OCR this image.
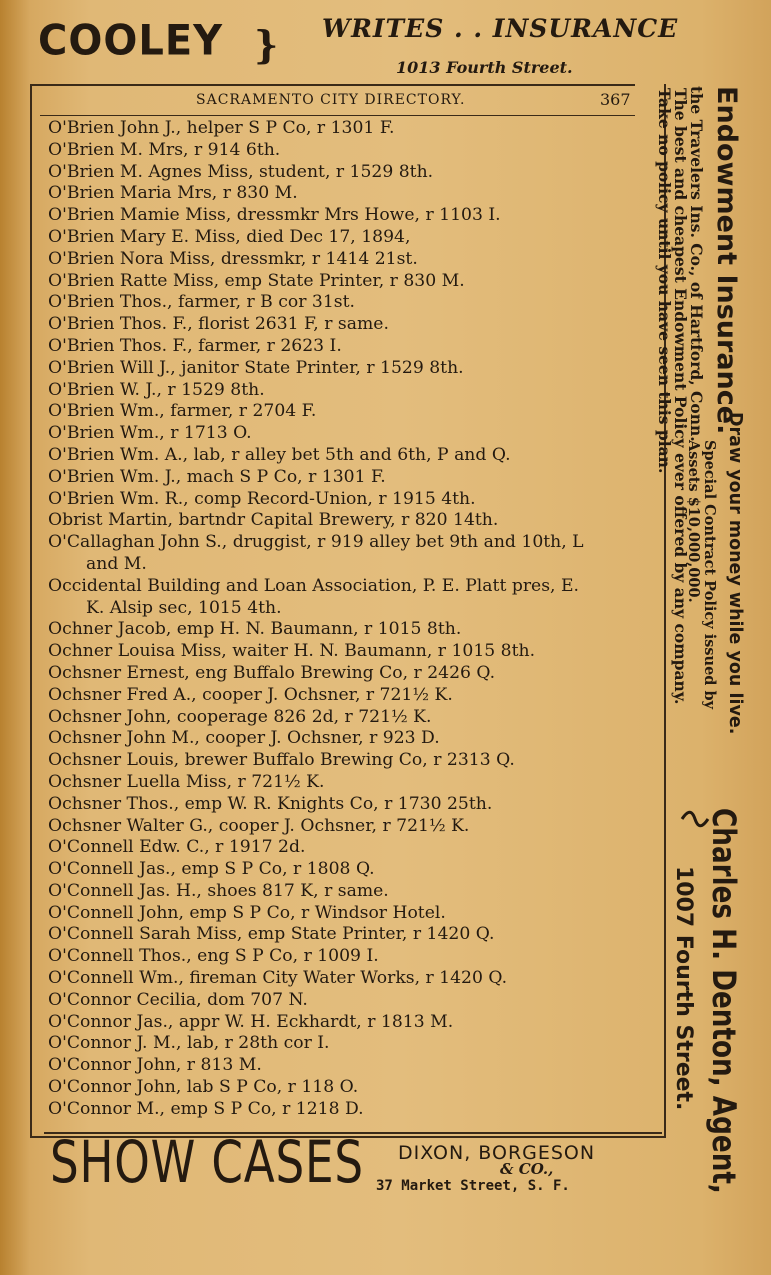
COOLEY } WRITES . . INSURANCE
1013 Fourth Street.
SACRAMENTO CITY DIRECTORY.	367
O'Brien John J., helper S P Co, r 1301 F.
O'Brien M. Mrs, r 914 6th.
O'Brien M. Agnes Miss, student, r 1529 8th.
O'Brien Maria Mrs, r 830 M.
O'Brien Mamie Miss, dressmkr Mrs Howe, r 1103 I.
O'Brien Mary E. Miss, died Dec 17, 1894,
O'Brien Nora Miss, dressmkr, r 1414 21st.
O'Brien Ratte Miss, emp State Printer, r 830 M.
O'Brien Thos., farmer, r B cor 31st.
O'Brien Thos. F., florist 2631 F, r same.
O'Brien Thos. F., farmer, r 2623 I.
O'Brien Will J., janitor State Printer, r 1529 8th.
O'Brien W. J., r 1529 8th.
O'Brien Wm., farmer, r 2704 F.
O'Brien Wm., r 1713 O.
O'Brien Wm. A., lab, r alley bet 5th and 6th, P and Q.
O'Brien Wm. J., mach S P Co, r 1301 F.
O'Brien Wm. R., comp Record-Union, r 1915 4th.
Obrist Martin, bartndr Capital Brewery, r 820 14th.
O'Callaghan John S., druggist, r 919 alley bet 9th and 10th, L
and M.
Occidental Building and Loan Association, P. E. Platt pres, E.
K. Alsip sec, 1015 4th.
Ochner Jacob, emp H. N. Baumann, r 1015 8th.
Ochner Louisa Miss, waiter H. N. Baumann, r 1015 8th.
Ochsner Ernest, eng Buffalo Brewing Co, r 2426 Q.
Ochsner Fred A., cooper J. Ochsner, r 721½ K.
Ochsner John, cooperage 826 2d, r 721½ K.
Ochsner John M., cooper J. Ochsner, r 923 D.
Ochsner Louis, brewer Buffalo Brewing Co, r 2313 Q.
Ochsner Luella Miss, r 721½ K.
Ochsner Thos., emp W. R. Knights Co, r 1730 25th.
Ochsner Walter G., cooper J. Ochsner, r 721½ K.
O'Connell Edw. C., r 1917 2d.
O'Connell Jas., emp S P Co, r 1808 Q.
O'Connell Jas. H., shoes 817 K, r same.
O'Connell John, emp S P Co, r Windsor Hotel.
O'Connell Sarah Miss, emp State Printer, r 1420 Q.
O'Connell Thos., eng S P Co, r 1009 I.
O'Connell Wm., fireman City Water Works, r 1420 Q.
O'Connor Cecilia, dom 707 N.
O'Connor Jas., appr W. H. Eckhardt, r 1813 M.
O'Connor J. M., lab, r 28th cor I.
O'Connor John, r 813 M.
O'Connor John, lab S P Co, r 118 O.
O'Connor M., emp S P Co, r 1218 D.
SHOW CASES DIXON, BORGESON
& CO.,
37 Market Street, S. F.
Endowment Insurance.
the Travelers Ins. Co., of Hartford, Conn.
The best and cheapest Endowment Policy ever offered by any company.
Take no policy until you have seen this plan.
Draw your money while you live.
Special Contract Policy issued by
Assets $10,000,000.
Charles H. Denton, Agent,
1007 Fourth Street.
